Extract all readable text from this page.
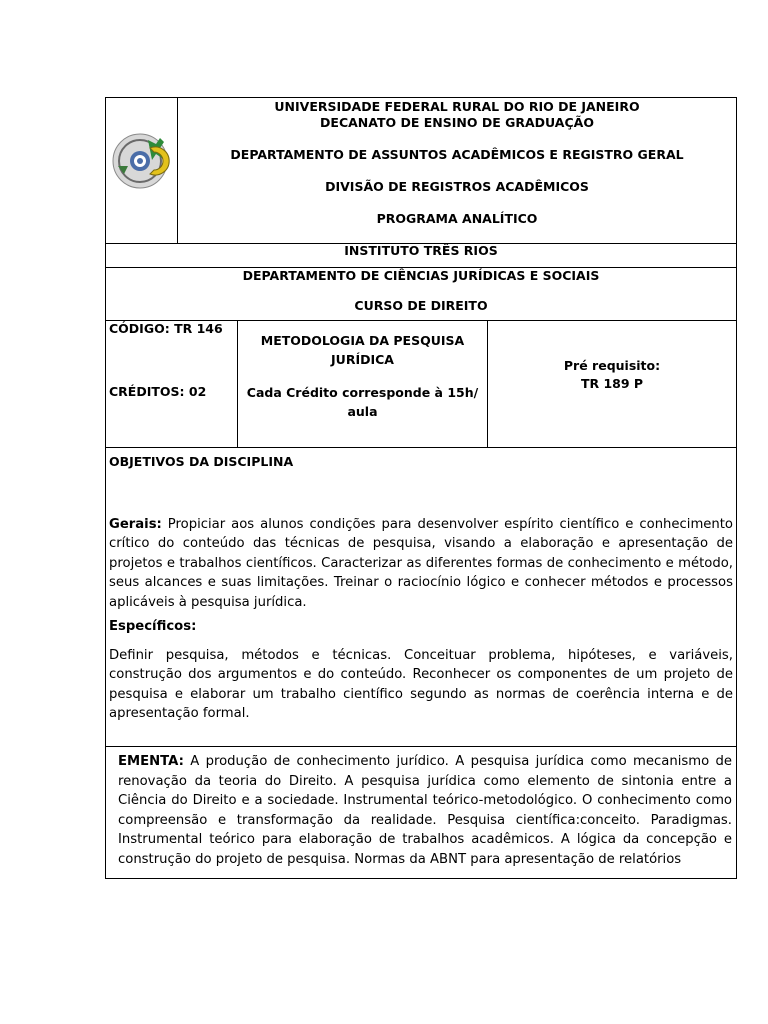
UNIVERSIDADE FEDERAL RURAL DO RIO DE JANEIRO
DECANATO DE ENSINO DE GRADUAÇÃO
DEPARTAMENTO DE ASSUNTOS ACADÊMICOS E REGISTRO GERAL
DIVISÃO DE REGISTROS ACADÊMICOS
PROGRAMA ANALÍTICO
INSTITUTO TRÊS RIOS
DEPARTAMENTO DE CIÊNCIAS JURÍDICAS E SOCIAIS
CURSO DE DIREITO
CÓDIGO: TR 146
CRÉDITOS: 02
METODOLOGIA DA PESQUISA
JURÍDICA
Cada Crédito corresponde à 15h/
aula
Pré requisito:
TR 189 P
OBJETIVOS DA DISCIPLINA

Gerais: Propiciar aos alunos condições para desenvolver espírito científico e conhecimento crítico do conteúdo das técnicas de pesquisa, visando a elaboração e apresentação de projetos e trabalhos científicos. Caracterizar as diferentes formas de conhecimento e método, seus alcances e suas limitações. Treinar o raciocínio lógico e conhecer métodos e processos aplicáveis à pesquisa jurídica.

Específicos:

Definir pesquisa, métodos e técnicas. Conceituar problema, hipóteses, e variáveis, construção dos argumentos e do conteúdo. Reconhecer os componentes de um projeto de pesquisa e elaborar um trabalho científico segundo as normas de coerência interna e de apresentação formal.

EMENTA: A produção de conhecimento jurídico. A pesquisa jurídica como mecanismo de renovação da teoria do Direito. A pesquisa jurídica como elemento de sintonia entre a Ciência do Direito e a sociedade. Instrumental teórico-metodológico. O conhecimento como compreensão e transformação da realidade. Pesquisa científica:conceito. Paradigmas. Instrumental teórico para elaboração de trabalhos acadêmicos. A lógica da concepção e construção do projeto de pesquisa. Normas da ABNT para apresentação de relatórios
